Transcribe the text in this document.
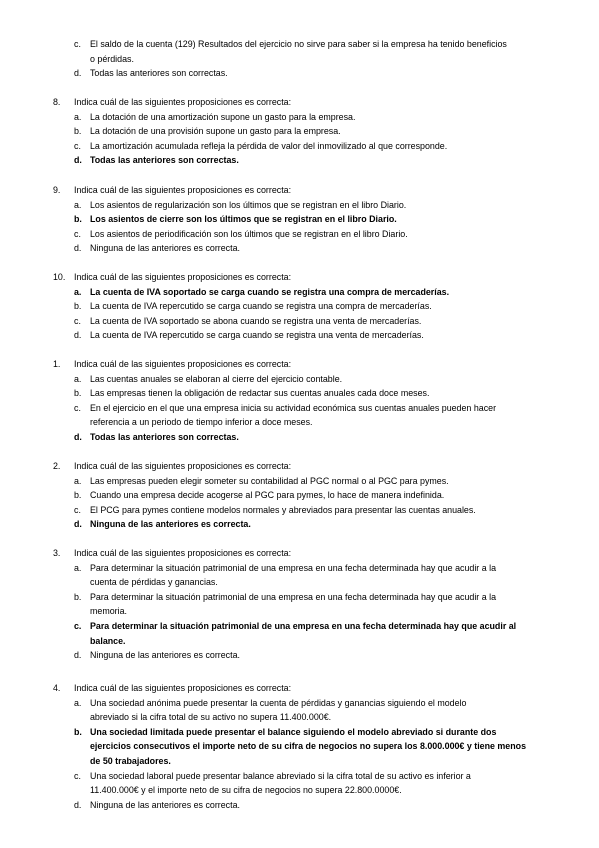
c. El saldo de la cuenta (129) Resultados del ejercicio no sirve para saber si la empresa ha tenido beneficios
o pérdidas.
d. Todas las anteriores son correctas.
8. Indica cuál de las siguientes proposiciones es correcta:
a. La dotación de una amortización supone un gasto para la empresa.
b. La dotación de una provisión supone un gasto para la empresa.
c. La amortización acumulada refleja la pérdida de valor del inmovilizado al que corresponde.
d. Todas las anteriores son correctas.
9. Indica cuál de las siguientes proposiciones es correcta:
a. Los asientos de regularización son los últimos que se registran en el libro Diario.
b. Los asientos de cierre son los últimos que se registran en el libro Diario.
c. Los asientos de periodificación son los últimos que se registran en el libro Diario.
d. Ninguna de las anteriores es correcta.
10. Indica cuál de las siguientes proposiciones es correcta:
a. La cuenta de IVA soportado se carga cuando se registra una compra de mercaderías.
b. La cuenta de IVA repercutido se carga cuando se registra una compra de mercaderías.
c. La cuenta de IVA soportado se abona cuando se registra una venta de mercaderías.
d. La cuenta de IVA repercutido se carga cuando se registra una venta de mercaderías.
1. Indica cuál de las siguientes proposiciones es correcta:
a. Las cuentas anuales se elaboran al cierre del ejercicio contable.
b. Las empresas tienen la obligación de redactar sus cuentas anuales cada doce meses.
c. En el ejercicio en el que una empresa inicia su actividad económica sus cuentas anuales pueden hacer
referencia a un periodo de tiempo inferior a doce meses.
d. Todas las anteriores son correctas.
2. Indica cuál de las siguientes proposiciones es correcta:
a. Las empresas pueden elegir someter su contabilidad al PGC normal o al PGC para pymes.
b. Cuando una empresa decide acogerse al PGC para pymes, lo hace de manera indefinida.
c. El PCG para pymes contiene modelos normales y abreviados para presentar las cuentas anuales.
d. Ninguna de las anteriores es correcta.
3. Indica cuál de las siguientes proposiciones es correcta:
a. Para determinar la situación patrimonial de una empresa en una fecha determinada hay que acudir a la
cuenta de pérdidas y ganancias.
b. Para determinar la situación patrimonial de una empresa en una fecha determinada hay que acudir a la
memoria.
c. Para determinar la situación patrimonial de una empresa en una fecha determinada hay que acudir al
balance.
d. Ninguna de las anteriores es correcta.
4. Indica cuál de las siguientes proposiciones es correcta:
a. Una sociedad anónima puede presentar la cuenta de pérdidas y ganancias siguiendo el modelo
abreviado si la cifra total de su activo no supera 11.400.000€.
b. Una sociedad limitada puede presentar el balance siguiendo el modelo abreviado si durante dos
ejercicios consecutivos el importe neto de su cifra de negocios no supera los 8.000.000€ y tiene menos
de 50 trabajadores.
c. Una sociedad laboral puede presentar balance abreviado si la cifra total de su activo es inferior a
11.400.000€ y el importe neto de su cifra de negocios no supera 22.800.0000€.
d. Ninguna de las anteriores es correcta.
